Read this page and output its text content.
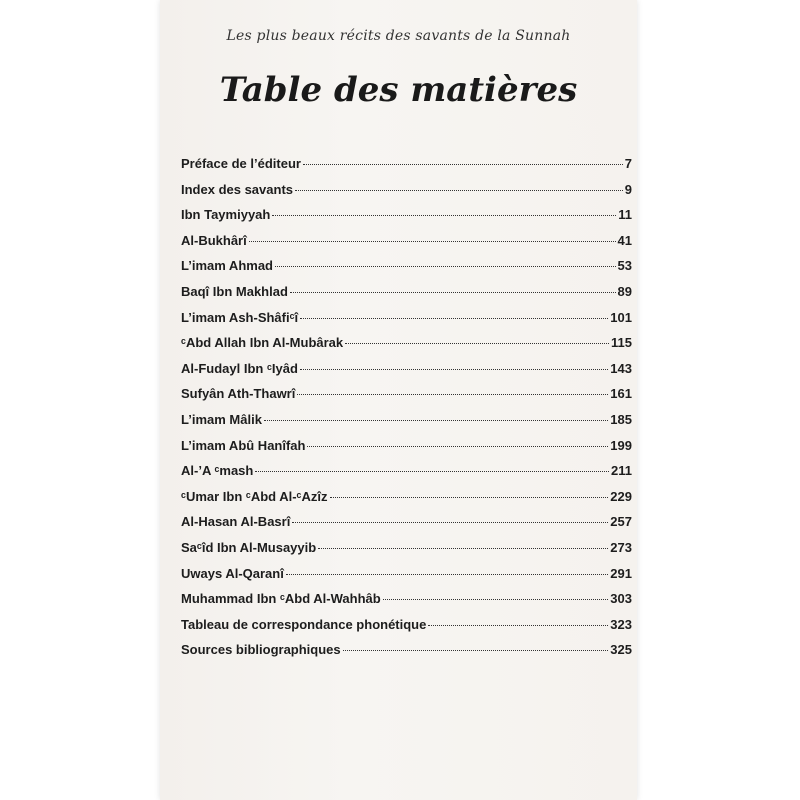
Les plus beaux récits des savants de la Sunnah
Table des matières
Préface de l’éditeur	7
Index des savants	9
Ibn Taymiyyah	11
Al-Bukhârî	41
L’imam Ahmad	53
Baqî Ibn Makhlad	89
L’imam Ash-Shâfiᶜî	101
ᶜAbd Allah Ibn Al-Mubârak	115
Al-Fudayl Ibn ᶜIyâd	143
Sufyân Ath-Thawrî	161
L’imam Mâlik	185
L’imam Abû Hanîfah	199
Al-’A ᶜmash	211
ᶜUmar Ibn ᶜAbd Al-ᶜAzîz	229
Al-Hasan Al-Basrî	257
Saᶜîd Ibn Al-Musayyib	273
Uways Al-Qaranî	291
Muhammad Ibn ᶜAbd Al-Wahhâb	303
Tableau de correspondance phonétique	323
Sources bibliographiques	325
